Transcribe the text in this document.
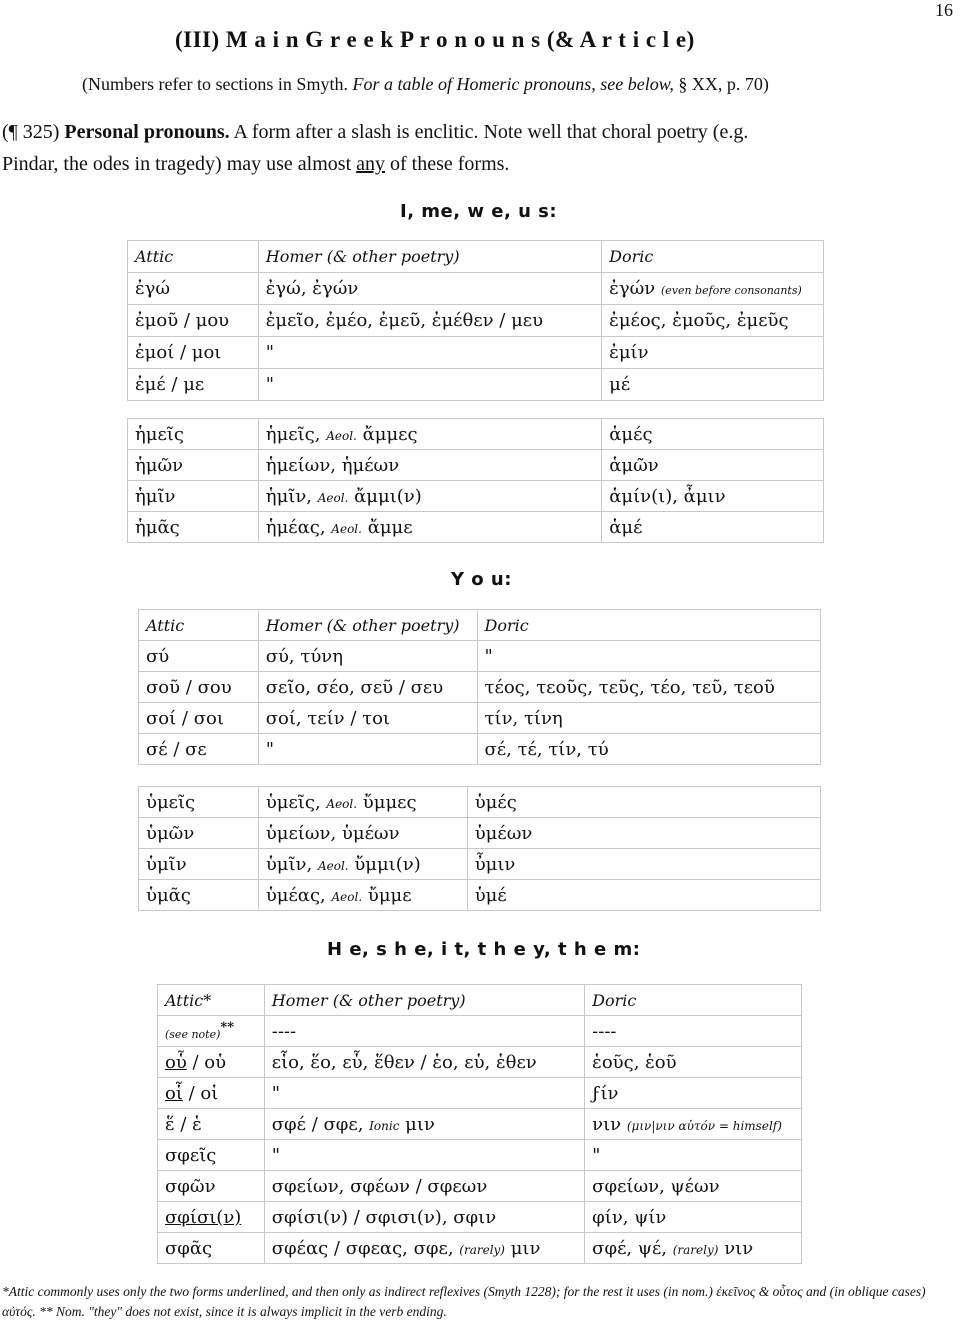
16
(III) M a i n G r e e k P r o n o u n s (& A r t i c l e)
(Numbers refer to sections in Smyth. For a table of Homeric pronouns, see below, § XX, p. 70)
(¶ 325) Personal pronouns. A form after a slash is enclitic. Note well that choral poetry (e.g.
Pindar, the odes in tragedy) may use almost any of these forms.
I, me, w e, u s:
Attic	Homer (& other poetry)	Doric
ἐγώ	ἐγώ, ἐγών	ἐγών (even before consonants)
ἐμοῦ / μου	ἐμεῖο, ἐμέο, ἐμεῦ, ἐμέθεν / μευ	ἐμέος, ἐμοῦς, ἐμεῦς
ἐμοί / μοι	"	ἐμίν
ἐμέ / με	"	μέ
ἡμεῖς	ἡμεῖς, Aeol. ἄμμες	ἁμές
ἡμῶν	ἡμείων, ἡμέων	ἁμῶν
ἡμῖν	ἡμῖν, Aeol. ἄμμι(ν)	ἁμίν(ι), ἆμιν
ἡμᾶς	ἡμέας, Aeol. ἄμμε	ἁμέ
Y o u:
Attic	Homer (& other poetry)	Doric
σύ	σύ, τύνη	"
σοῦ / σου	σεῖο, σέο, σεῦ / σευ	τέος, τεοῦς, τεῦς, τέο, τεῦ, τεοῦ
σοί / σοι	σοί, τείν / τοι	τίν, τίνη
σέ / σε	"	σέ, τέ, τίν, τύ
ὑμεῖς	ὑμεῖς, Aeol. ὔμμες	ὑμές
ὑμῶν	ὑμείων, ὑμέων	ὑμέων
ὑμῖν	ὑμῖν, Aeol. ὔμμι(ν)	ὖμιν
ὑμᾶς	ὑμέας, Aeol. ὔμμε	ὑμέ
H e, s h e, i t, t h e y, t h e m:
Attic*	Homer (& other poetry)	Doric
(see note)**	----	----
οὗ / οὑ	εἷο, ἕο, εὗ, ἕθεν / ἑο, εὑ, ἑθεν	ἑοῦς, ἑοῦ
οἷ / οἱ	"	ϝίν
ἕ / ἑ	σφέ / σφε, Ionic μιν	νιν (μιν|νιν αὐτόν = himself)
σφεῖς	"	"
σφῶν	σφείων, σφέων / σφεων	σφείων, ψέων
σφίσι(ν)	σφίσι(ν) / σφισι(ν), σφιν	φίν, ψίν
σφᾶς	σφέας / σφεας, σφε, (rarely) μιν	σφέ, ψέ, (rarely) νιν
*Attic commonly uses only the two forms underlined, and then only as indirect reflexives (Smyth 1228); for the rest it uses (in nom.) ἐκεῖνος & οὗτος and (in oblique cases) αὐτός. ** Nom. "they" does not exist, since it is always implicit in the verb ending.
